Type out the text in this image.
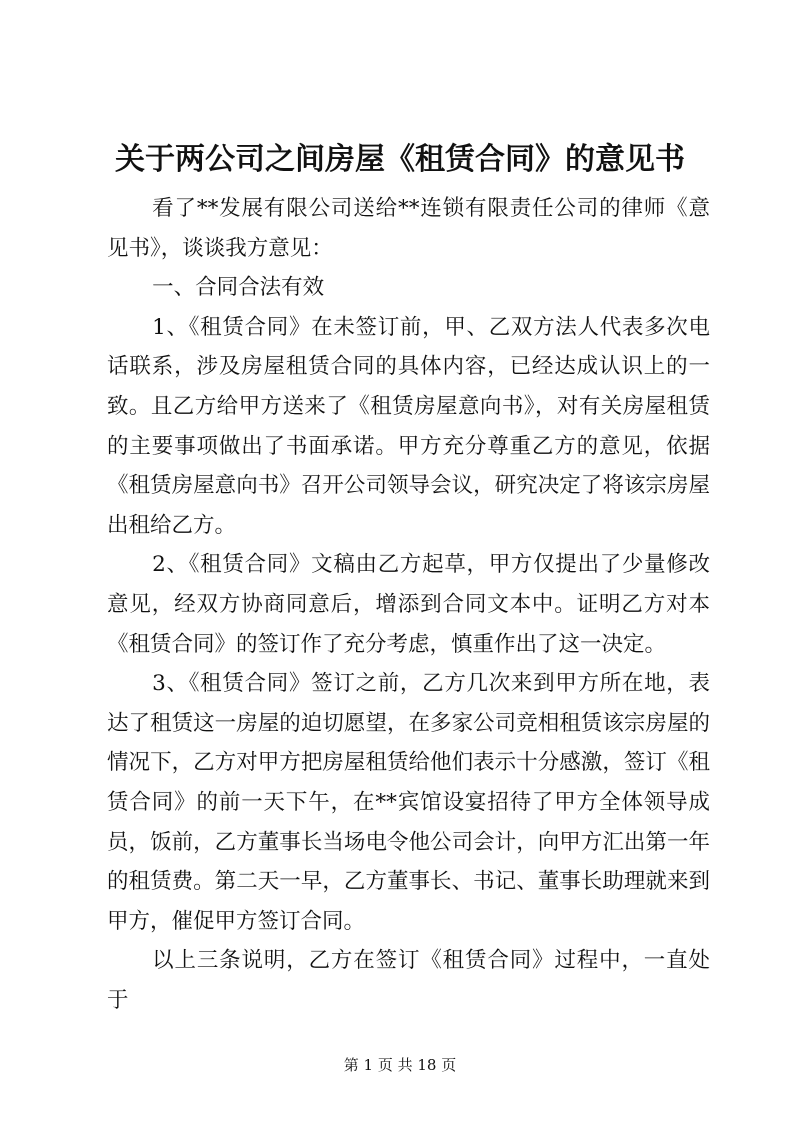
关于两公司之间房屋《租赁合同》的意见书

看了**发展有限公司送给**连锁有限责任公司的律师《意见书》，谈谈我方意见：

一、合同合法有效

1、《租赁合同》在未签订前，甲、乙双方法人代表多次电话联系，涉及房屋租赁合同的具体内容，已经达成认识上的一致。且乙方给甲方送来了《租赁房屋意向书》，对有关房屋租赁的主要事项做出了书面承诺。甲方充分尊重乙方的意见，依据《租赁房屋意向书》召开公司领导会议，研究决定了将该宗房屋出租给乙方。

2、《租赁合同》文稿由乙方起草，甲方仅提出了少量修改意见，经双方协商同意后，增添到合同文本中。证明乙方对本《租赁合同》的签订作了充分考虑，慎重作出了这一决定。

3、《租赁合同》签订之前，乙方几次来到甲方所在地，表达了租赁这一房屋的迫切愿望，在多家公司竞相租赁该宗房屋的情况下，乙方对甲方把房屋租赁给他们表示十分感激，签订《租赁合同》的前一天下午，在**宾馆设宴招待了甲方全体领导成员，饭前，乙方董事长当场电令他公司会计，向甲方汇出第一年的租赁费。第二天一早，乙方董事长、书记、董事长助理就来到甲方，催促甲方签订合同。

以上三条说明，乙方在签订《租赁合同》过程中，一直处于

第 1 页 共 18 页
